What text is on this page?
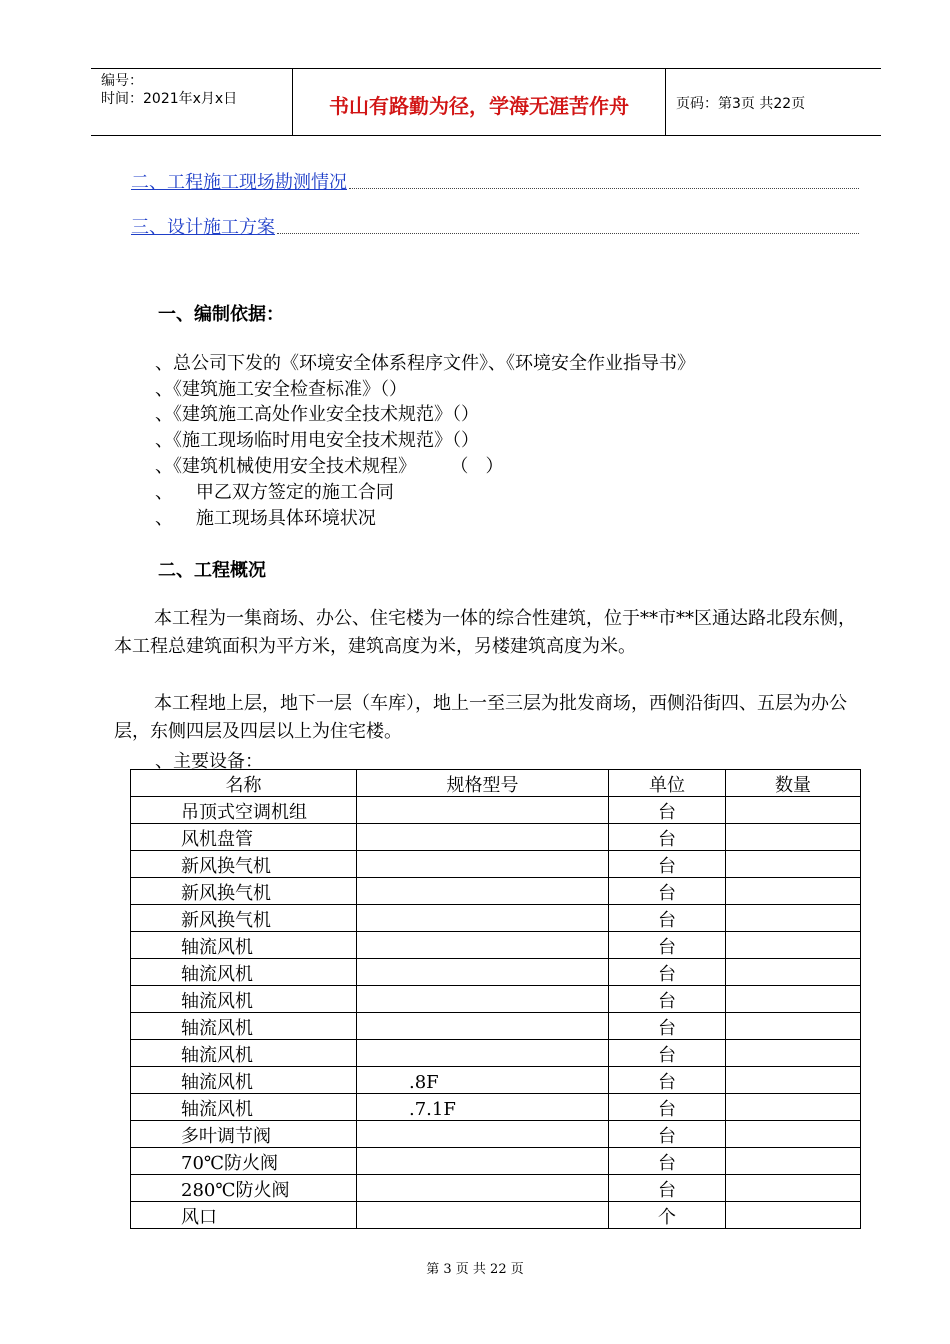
编号：
时间：2021年x月x日	书山有路勤为径，学海无涯苦作舟	页码：第3页 共22页
二、工程施工现场勘测情况
三、设计施工方案
一、编制依据：
、总公司下发的《环境安全体系程序文件》、《环境安全作业指导书》
、《建筑施工安全检查标准》（）
、《建筑施工高处作业安全技术规范》（）
、《施工现场临时用电安全技术规范》（）
、《建筑机械使用安全技术规程》      （   ）
、    甲乙双方签定的施工合同
、    施工现场具体环境状况
二、工程概况

本工程为一集商场、办公、住宅楼为一体的综合性建筑，位于**市**区通达路北段东侧，本工程总建筑面积为平方米，建筑高度为米，另楼建筑高度为米。

本工程地上层，地下一层（车库），地上一至三层为批发商场，西侧沿街四、五层为办公层，东侧四层及四层以上为住宅楼。

、主要设备：
名称	规格型号	单位	数量
吊顶式空调机组		台	
风机盘管		台	
新风换气机		台	
新风换气机		台	
新风换气机		台	
轴流风机		台	
轴流风机		台	
轴流风机		台	
轴流风机		台	
轴流风机		台	
轴流风机	.8F	台	
轴流风机	.7.1F	台	
多叶调节阀		台	
70℃防火阀		台	
280℃防火阀		台	
风口		个	
第 3 页 共 22 页
